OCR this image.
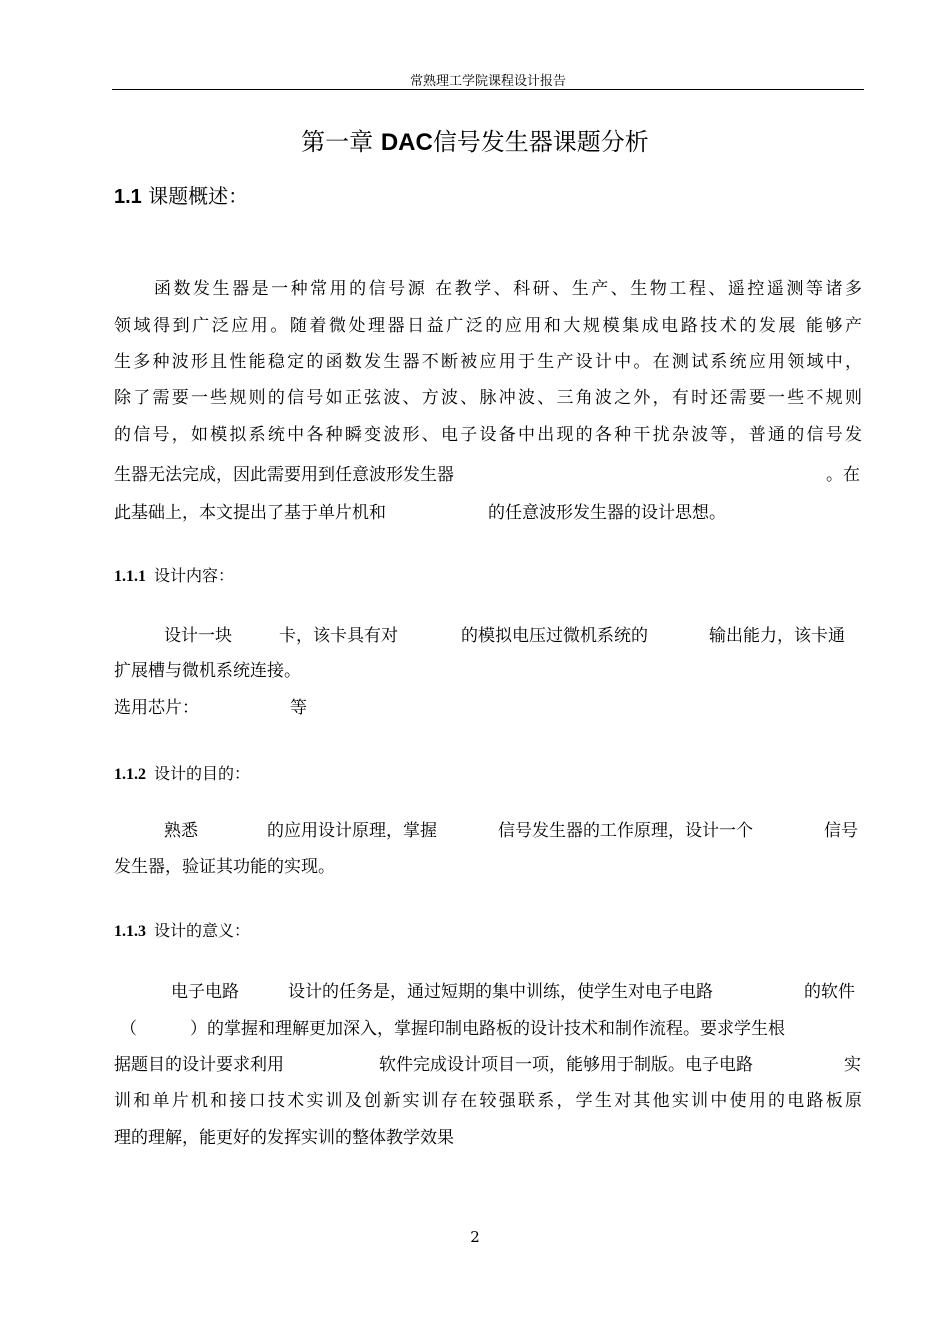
常熟理工学院课程设计报告
第一章 DAC信号发生器课题分析
1.1 课题概述：
函数发生器是一种常用的信号源 在教学、科研、生产、生物工程、遥控遥测等诸多
领域得到广泛应用。随着微处理器日益广泛的应用和大规模集成电路技术的发展 能够产
生多种波形且性能稳定的函数发生器不断被应用于生产设计中。在测试系统应用领域中，
除了需要一些规则的信号如正弦波、方波、脉冲波、三角波之外，有时还需要一些不规则
的信号，如模拟系统中各种瞬变波形、电子设备中出现的各种干扰杂波等，普通的信号发
生器无法完成，因此需要用到任意波形发生器	。在
此基础上，本文提出了基于单片机和	的任意波形发生器的设计思想。
1.1.1 设计内容：
设计一块	卡，该卡具有对	的模拟电压过微机系统的	输出能力，该卡通
扩展槽与微机系统连接。
选用芯片：	等
1.1.2 设计的目的：
熟悉	的应用设计原理，掌握	信号发生器的工作原理，设计一个	信号
发生器，验证其功能的实现。
1.1.3 设计的意义：
电子电路	设计的任务是，通过短期的集中训练，使学生对电子电路	的软件
（	）的掌握和理解更加深入，掌握印制电路板的设计技术和制作流程。要求学生根
据题目的设计要求利用	软件完成设计项目一项，能够用于制版。电子电路	实
训和单片机和接口技术实训及创新实训存在较强联系，学生对其他实训中使用的电路板原
理的理解，能更好的发挥实训的整体教学效果
2
